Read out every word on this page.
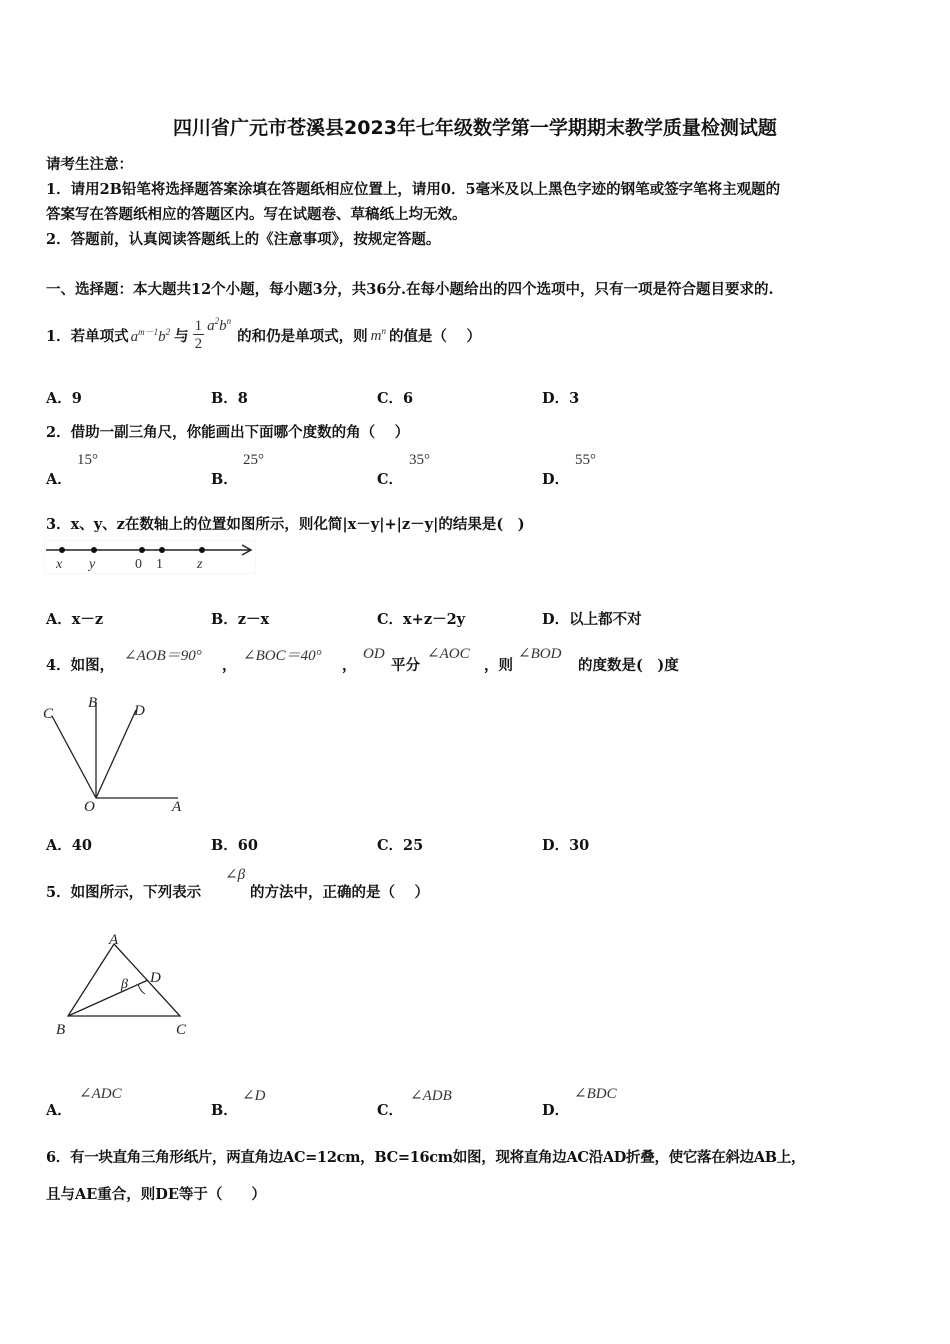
四川省广元市苍溪县2023年七年级数学第一学期期末教学质量检测试题
请考生注意：
1．请用2B铅笔将选择题答案涂填在答题纸相应位置上，请用0．5毫米及以上黑色字迹的钢笔或签字笔将主观题的
答案写在答题纸相应的答题区内。写在试题卷、草稿纸上均无效。
2．答题前，认真阅读答题纸上的《注意事项》，按规定答题。
一、选择题：本大题共12个小题，每小题3分，共36分.在每小题给出的四个选项中，只有一项是符合题目要求的.
1．若单项式 $a^{m-1}b^2$ 与
1
2
$a^2b^n$
的和仍是单项式，则 $m^n$ 的值是（　 ）
A．9	B．8	C．6	D．3
2．借助一副三角尺，你能画出下面哪个度数的角（　 ）
A．
15°
B．
25°
C．
35°
D．
55°
3．x、y、z在数轴上的位置如图所示，则化简|x－y|+|z－y|的结果是(　)
x y	0 1 z
A．x－z	B．z－x	C．x+z－2y	D．以上都不对
4．如图，
∠AOB＝90°
，
∠BOC＝40°
，
OD
平分
∠AOC
，则
∠BOD
的度数是(　)度
C
B D
O	A
A．40	B．60	C．25	D．30
5．如图所示，下列表示
∠β
的方法中，正确的是（　 ）
A
D
β
B	C
A．
∠ADC
B．
∠D
C．
∠ADB
D．
∠BDC
6．有一块直角三角形纸片，两直角边AC=12cm，BC=16cm如图，现将直角边AC沿AD折叠，使它落在斜边AB上，
且与AE重合，则DE等于（　　）
